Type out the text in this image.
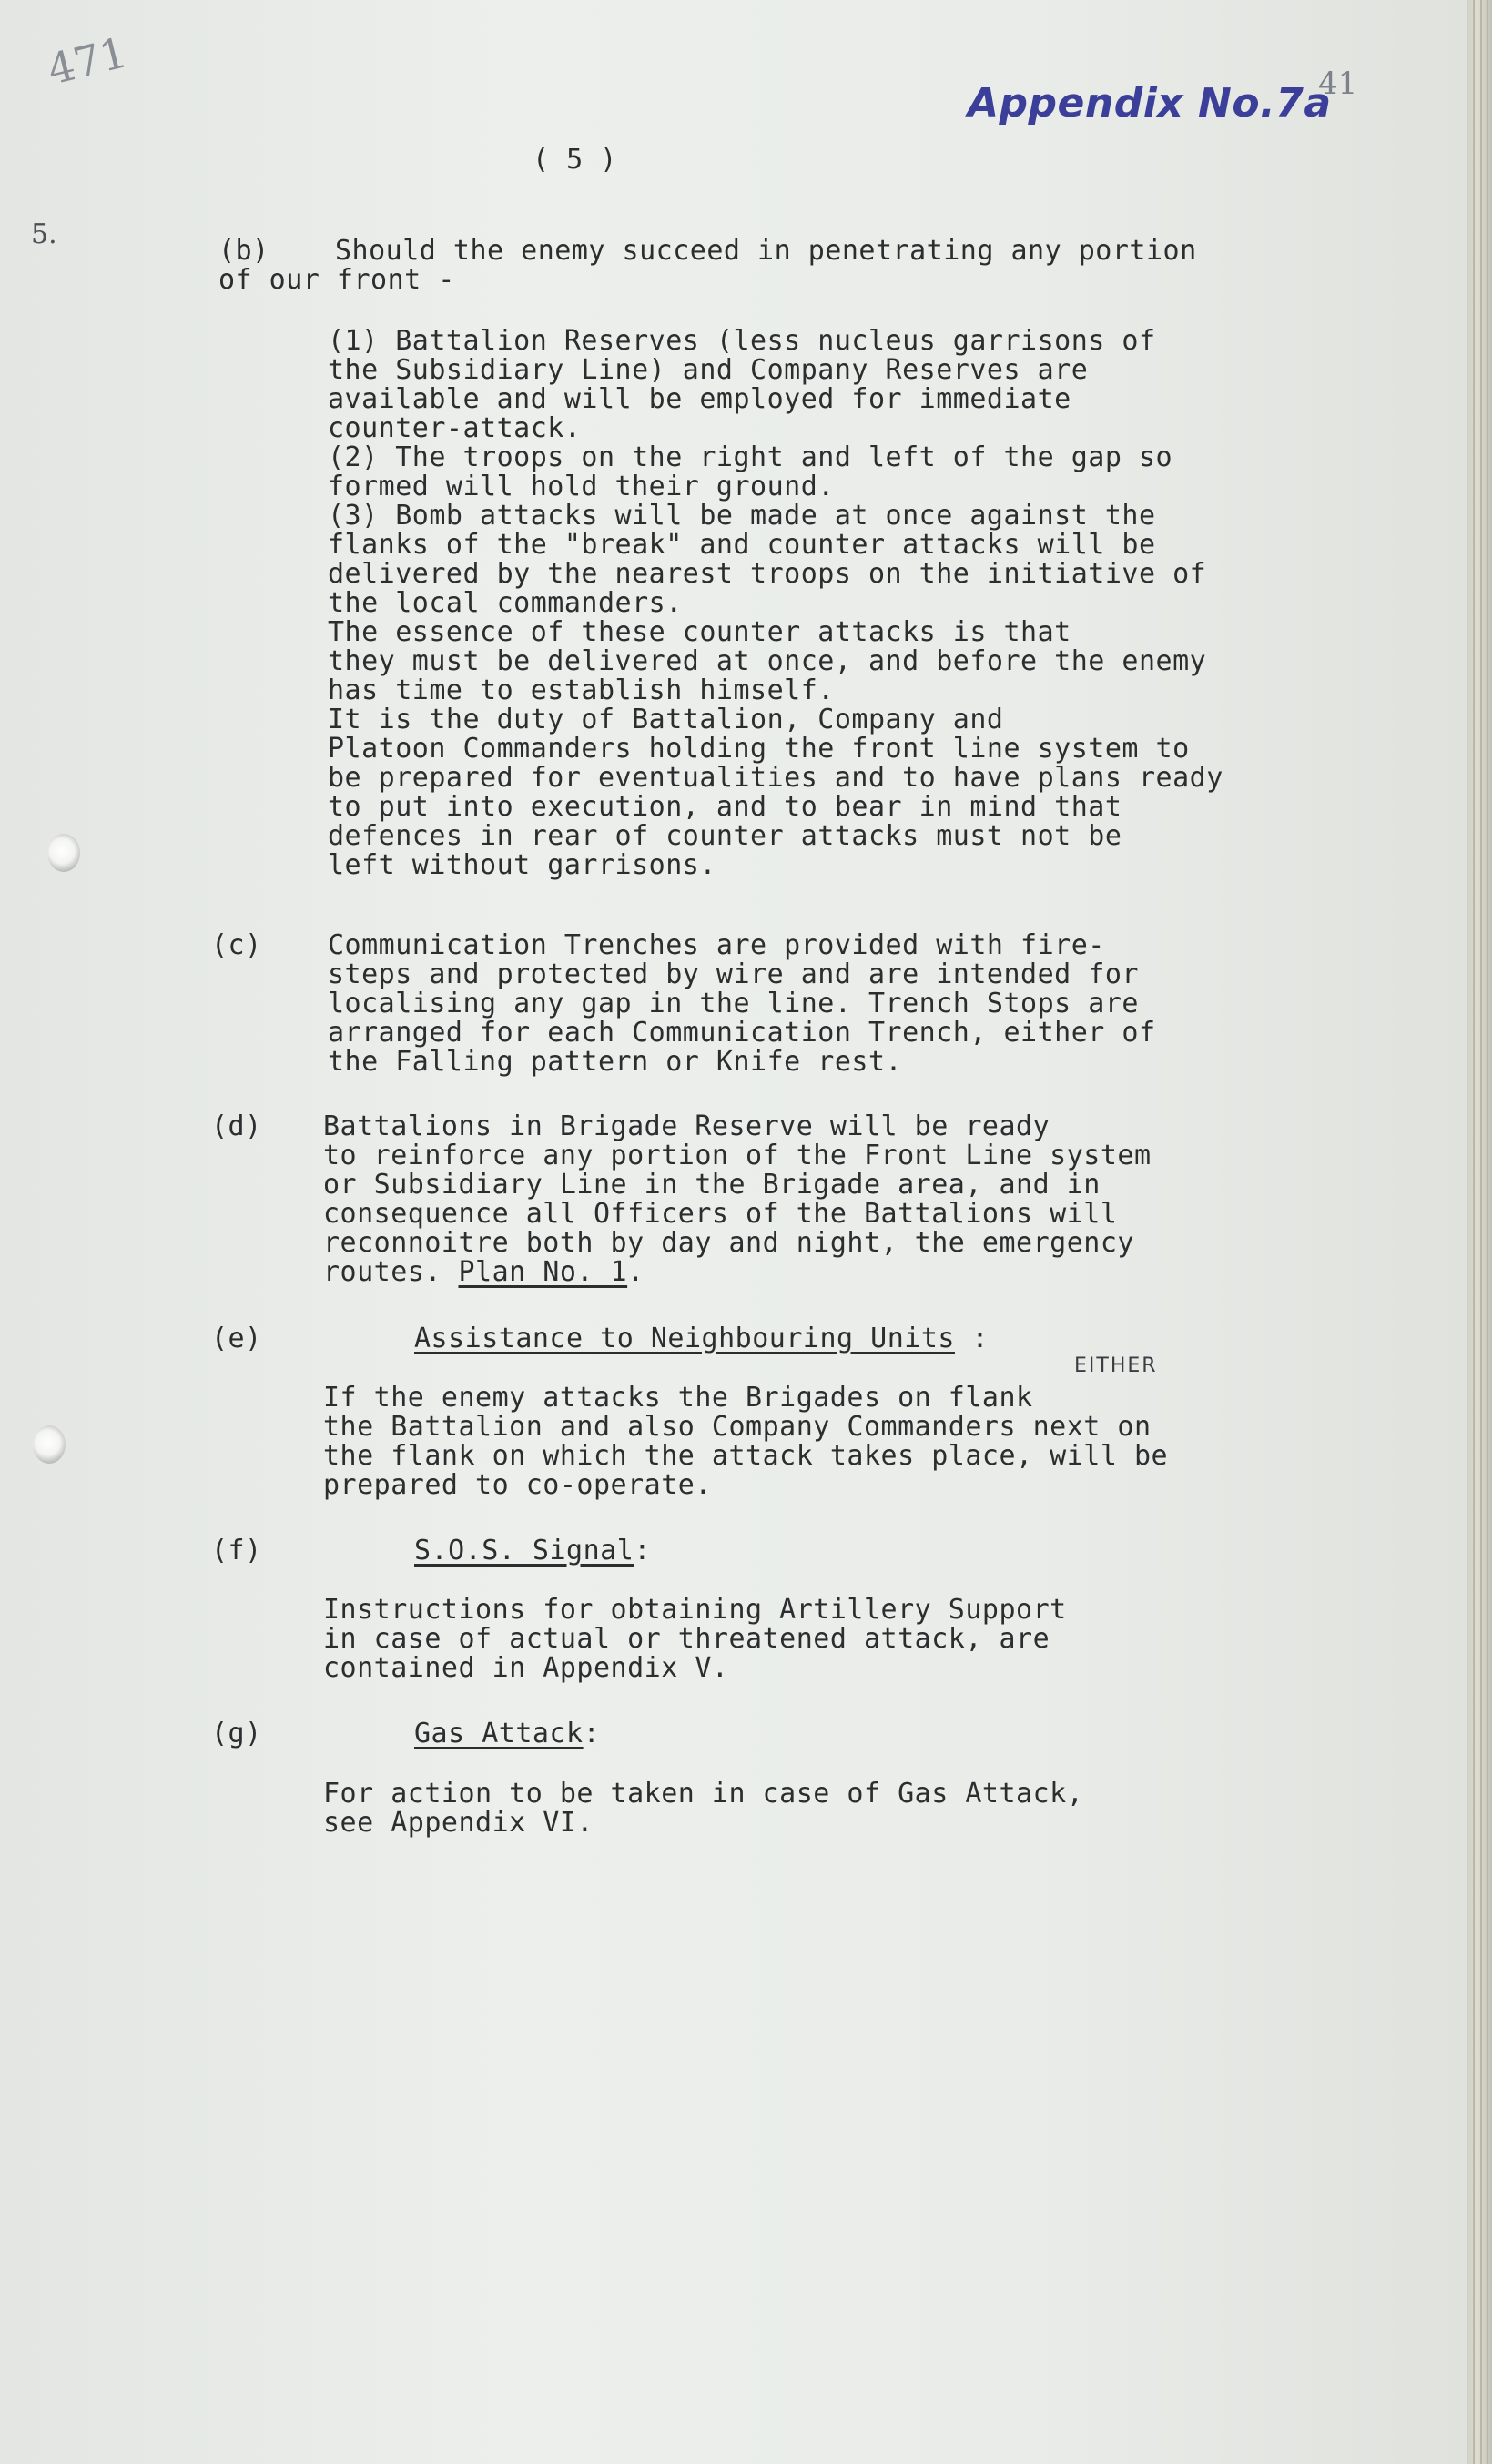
471
Appendix No.7a
41
( 5 )
5.
(b) Should the enemy succeed in penetrating any portion
of our front -
(1) Battalion Reserves (less nucleus garrisons of
the Subsidiary Line) and Company Reserves are
available and will be employed for immediate
counter-attack.
(2) The troops on the right and left of the gap so
formed will hold their ground.
(3) Bomb attacks will be made at once against the
flanks of the "break" and counter attacks will be
delivered by the nearest troops on the initiative of
the local commanders.
The essence of these counter attacks is that
they must be delivered at once, and before the enemy
has time to establish himself.
It is the duty of Battalion, Company and
Platoon Commanders holding the front line system to
be prepared for eventualities and to have plans ready
to put into execution, and to bear in mind that
defences in rear of counter attacks must not be
left without garrisons.
(c) Communication Trenches are provided with fire-
steps and protected by wire and are intended for
localising any gap in the line. Trench Stops are
arranged for each Communication Trench, either of
the Falling pattern or Knife rest.
(d) Battalions in Brigade Reserve will be ready
to reinforce any portion of the Front Line system
or Subsidiary Line in the Brigade area, and in
consequence all Officers of the Battalions will
reconnoitre both by day and night, the emergency
routes. Plan No. 1.
(e)	Assistance to Neighbouring Units :
EITHER
If the enemy attacks the Brigades on flank
the Battalion and also Company Commanders next on
the flank on which the attack takes place, will be
prepared to co-operate.
(f)	S.O.S. Signal:
Instructions for obtaining Artillery Support
in case of actual or threatened attack, are
contained in Appendix V.
(g)	Gas Attack:
For action to be taken in case of Gas Attack,
see Appendix VI.
